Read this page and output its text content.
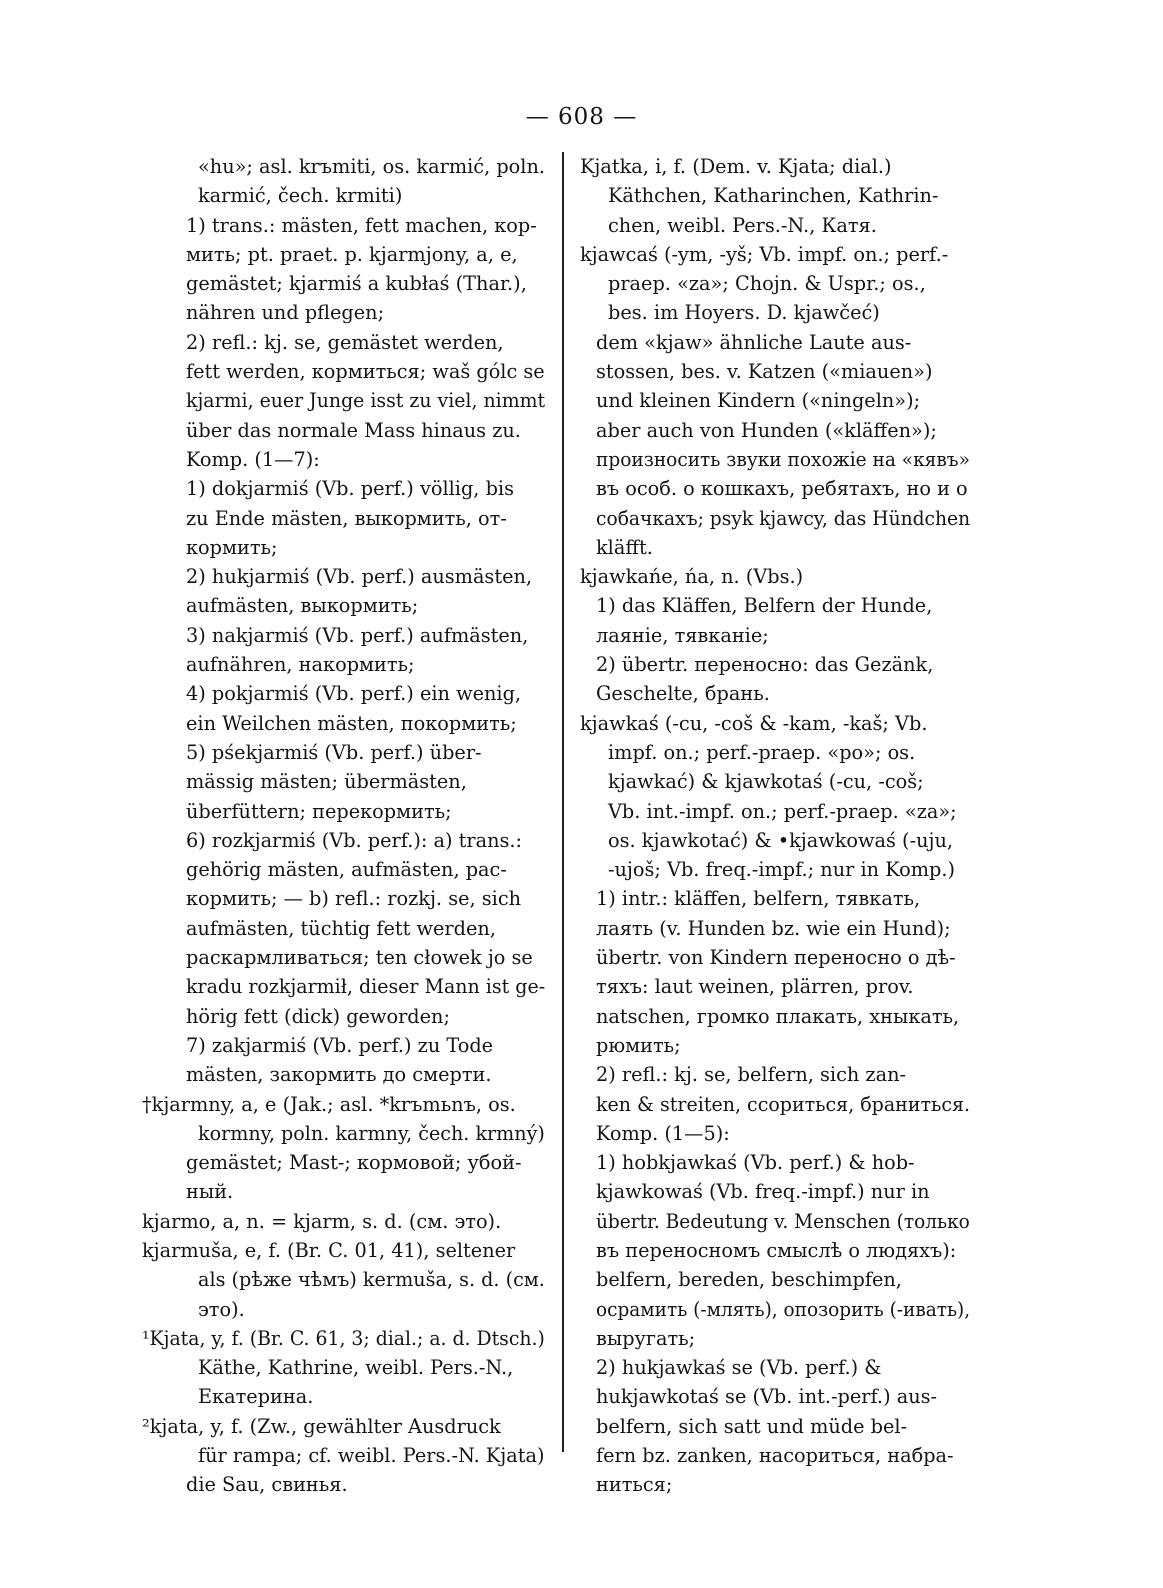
— 608 —
«hu»; asl. krъmiti, os. karmić, poln.
karmić, čech. krmiti)
1) trans.: mästen, fett machen, кор-
мить; pt. praet. p. kjarmjony, a, e,
gemästet; kjarmiś a kubłaś (Thar.),
nähren und pflegen;
2) refl.: kj. se, gemästet werden,
fett werden, кормиться; waš gólc se
kjarmi, euer Junge isst zu viel, nimmt
über das normale Mass hinaus zu.
Komp. (1—7):
1) dokjarmiś (Vb. perf.) völlig, bis
zu Ende mästen, выкормить, от-
кормить;
2) hukjarmiś (Vb. perf.) ausmästen,
aufmästen, выкормить;
3) nakjarmiś (Vb. perf.) aufmästen,
aufnähren, накормить;
4) pokjarmiś (Vb. perf.) ein wenig,
ein Weilchen mästen, покормить;
5) pśekjarmiś (Vb. perf.) über-
mässig mästen; übermästen,
überfüttern; перекормить;
6) rozkjarmiś (Vb. perf.): a) trans.:
gehörig mästen, aufmästen, рас-
кормить; — b) refl.: rozkj. se, sich
aufmästen, tüchtig fett werden,
раскармливаться; ten cłowek jo se
kradu rozkjarmił, dieser Mann ist ge-
hörig fett (dick) geworden;
7) zakjarmiś (Vb. perf.) zu Tode
mästen, закормить до смерти.
†kjarmny, a, e (Jak.; asl. *krъmьnъ, os.
kormny, poln. karmny, čech. krmný)
gemästet; Mast-; кормовой; убой-
ный.
kjarmo, a, n. = kjarm, s. d. (см. это).
kjarmuša, e, f. (Br. C. 01, 41), seltener
als (рѣже чѣмъ) kermuša, s. d. (см.
это).
¹Kjata, y, f. (Br. C. 61, 3; dial.; a. d. Dtsch.)
Käthe, Kathrine, weibl. Pers.-N.,
Екатерина.
²kjata, y, f. (Zw., gewählter Ausdruck
für rampa; cf. weibl. Pers.-N. Kjata)
die Sau, свинья.
Kjatka, i, f. (Dem. v. Kjata; dial.)
Käthchen, Katharinchen, Kathrin-
chen, weibl. Pers.-N., Катя.
kjawcaś (-ym, -yš; Vb. impf. on.; perf.-
praep. «za»; Chojn. & Uspr.; os.,
bes. im Hoyers. D. kjawčeć)
dem «kjaw» ähnliche Laute aus-
stossen, bes. v. Katzen («miauen»)
und kleinen Kindern («ningeln»);
aber auch von Hunden («kläffen»);
произносить звуки похожіе на «кявъ»
въ особ. о кошкахъ, ребятахъ, но и о
собачкахъ; psyk kjawcy, das Hündchen
kläfft.
kjawkańe, ńa, n. (Vbs.)
1) das Kläffen, Belfern der Hunde,
лаяніе, тявканіе;
2) übertr. переносно: das Gezänk,
Geschelte, брань.
kjawkaś (-cu, -coš & -kam, -kaš; Vb.
impf. on.; perf.-praep. «po»; os.
kjawkać) & kjawkotaś (-cu, -coš;
Vb. int.-impf. on.; perf.-praep. «za»;
os. kjawkotać) & •kjawkowaś (-uju,
-ujoš; Vb. freq.-impf.; nur in Komp.)
1) intr.: kläffen, belfern, тявкать,
лаять (v. Hunden bz. wie ein Hund);
übertr. von Kindern переносно о дѣ-
тяхъ: laut weinen, plärren, prov.
natschen, громко плакать, хныкать,
рюмить;
2) refl.: kj. se, belfern, sich zan-
ken & streiten, ссориться, браниться.
Komp. (1—5):
1) hobkjawkaś (Vb. perf.) & hob-
kjawkowaś (Vb. freq.-impf.) nur in
übertr. Bedeutung v. Menschen (только
въ переносномъ смыслѣ о людяхъ):
belfern, bereden, beschimpfen,
осрамить (-млять), опозорить (-ивать),
выругать;
2) hukjawkaś se (Vb. perf.) &
hukjawkotaś se (Vb. int.-perf.) aus-
belfern, sich satt und müde bel-
fern bz. zanken, насориться, набра-
ниться;
